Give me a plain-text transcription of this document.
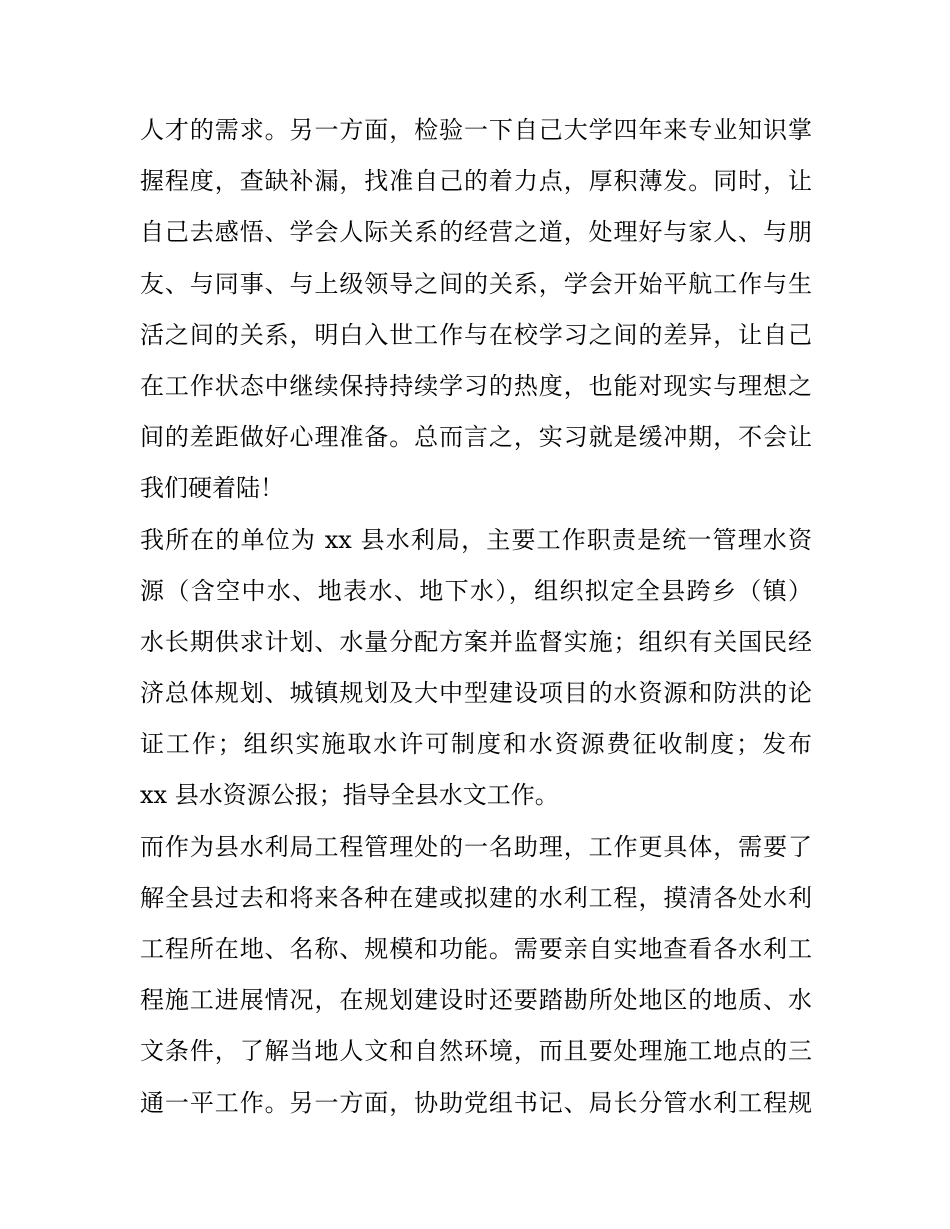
人才的需求。另一方面，检验一下自己大学四年来专业知识掌
握程度，查缺补漏，找准自己的着力点，厚积薄发。同时，让
自己去感悟、学会人际关系的经营之道，处理好与家人、与朋
友、与同事、与上级领导之间的关系，学会开始平航工作与生
活之间的关系，明白入世工作与在校学习之间的差异，让自己
在工作状态中继续保持持续学习的热度，也能对现实与理想之
间的差距做好心理准备。总而言之，实习就是缓冲期，不会让
我们硬着陆！
我所在的单位为 xx 县水利局，主要工作职责是统一管理水资
源（含空中水、地表水、地下水），组织拟定全县跨乡（镇）
水长期供求计划、水量分配方案并监督实施；组织有关国民经
济总体规划、城镇规划及大中型建设项目的水资源和防洪的论
证工作；组织实施取水许可制度和水资源费征收制度；发布
xx 县水资源公报；指导全县水文工作。
而作为县水利局工程管理处的一名助理，工作更具体，需要了
解全县过去和将来各种在建或拟建的水利工程，摸清各处水利
工程所在地、名称、规模和功能。需要亲自实地查看各水利工
程施工进展情况，在规划建设时还要踏勘所处地区的地质、水
文条件，了解当地人文和自然环境，而且要处理施工地点的三
通一平工作。另一方面，协助党组书记、局长分管水利工程规
